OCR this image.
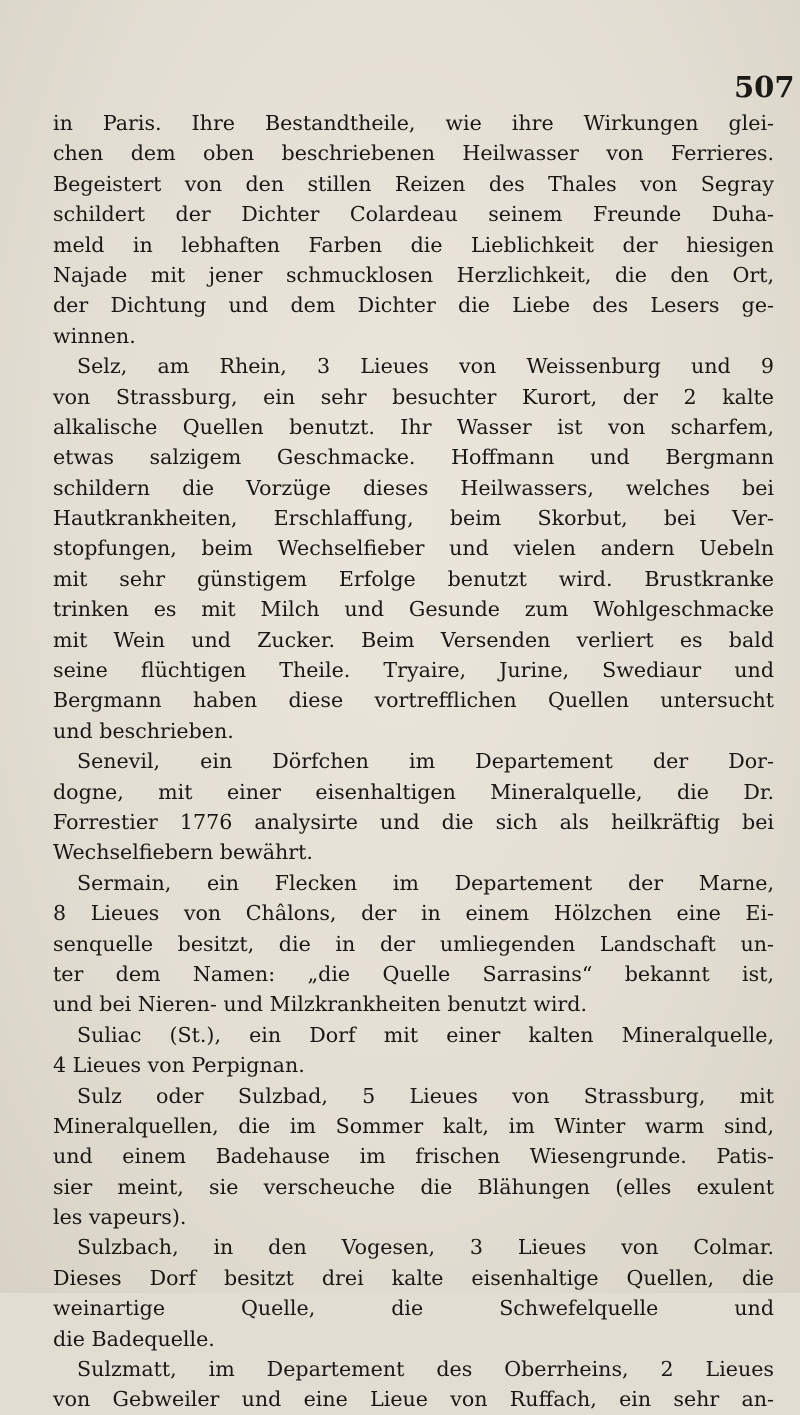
507

in Paris. Ihre Bestandtheile, wie ihre Wirkungen glei-
chen dem oben beschriebenen Heilwasser von Ferrieres.
Begeistert von den stillen Reizen des Thales von Segray
schildert der Dichter Colardeau seinem Freunde Duha-
meld in lebhaften Farben die Lieblichkeit der hiesigen
Najade mit jener schmucklosen Herzlichkeit, die den Ort,
der Dichtung und dem Dichter die Liebe des Lesers ge-
winnen.
Selz, am Rhein, 3 Lieues von Weissenburg und 9
von Strassburg, ein sehr besuchter Kurort, der 2 kalte
alkalische Quellen benutzt. Ihr Wasser ist von scharfem,
etwas salzigem Geschmacke. Hoffmann und Bergmann
schildern die Vorzüge dieses Heilwassers, welches bei
Hautkrankheiten, Erschlaffung, beim Skorbut, bei Ver-
stopfungen, beim Wechselfieber und vielen andern Uebeln
mit sehr günstigem Erfolge benutzt wird. Brustkranke
trinken es mit Milch und Gesunde zum Wohlgeschmacke
mit Wein und Zucker. Beim Versenden verliert es bald
seine flüchtigen Theile. Tryaire, Jurine, Swediaur und
Bergmann haben diese vortrefflichen Quellen untersucht
und beschrieben.
Senevil, ein Dörfchen im Departement der Dor-
dogne, mit einer eisenhaltigen Mineralquelle, die Dr.
Forrestier 1776 analysirte und die sich als heilkräftig bei
Wechselfiebern bewährt.
Sermain, ein Flecken im Departement der Marne,
8 Lieues von Châlons, der in einem Hölzchen eine Ei-
senquelle besitzt, die in der umliegenden Landschaft un-
ter dem Namen: „die Quelle Sarrasins“ bekannt ist,
und bei Nieren- und Milzkrankheiten benutzt wird.
Suliac (St.), ein Dorf mit einer kalten Mineralquelle,
4 Lieues von Perpignan.
Sulz oder Sulzbad, 5 Lieues von Strassburg, mit
Mineralquellen, die im Sommer kalt, im Winter warm sind,
und einem Badehause im frischen Wiesengrunde. Patis-
sier meint, sie verscheuche die Blähungen (elles exulent
les vapeurs).
Sulzbach, in den Vogesen, 3 Lieues von Colmar.
Dieses Dorf besitzt drei kalte eisenhaltige Quellen, die
weinartige Quelle, die Schwefelquelle und
die Badequelle.
Sulzmatt, im Departement des Oberrheins, 2 Lieues
von Gebweiler und eine Lieue von Ruffach, ein sehr an-
